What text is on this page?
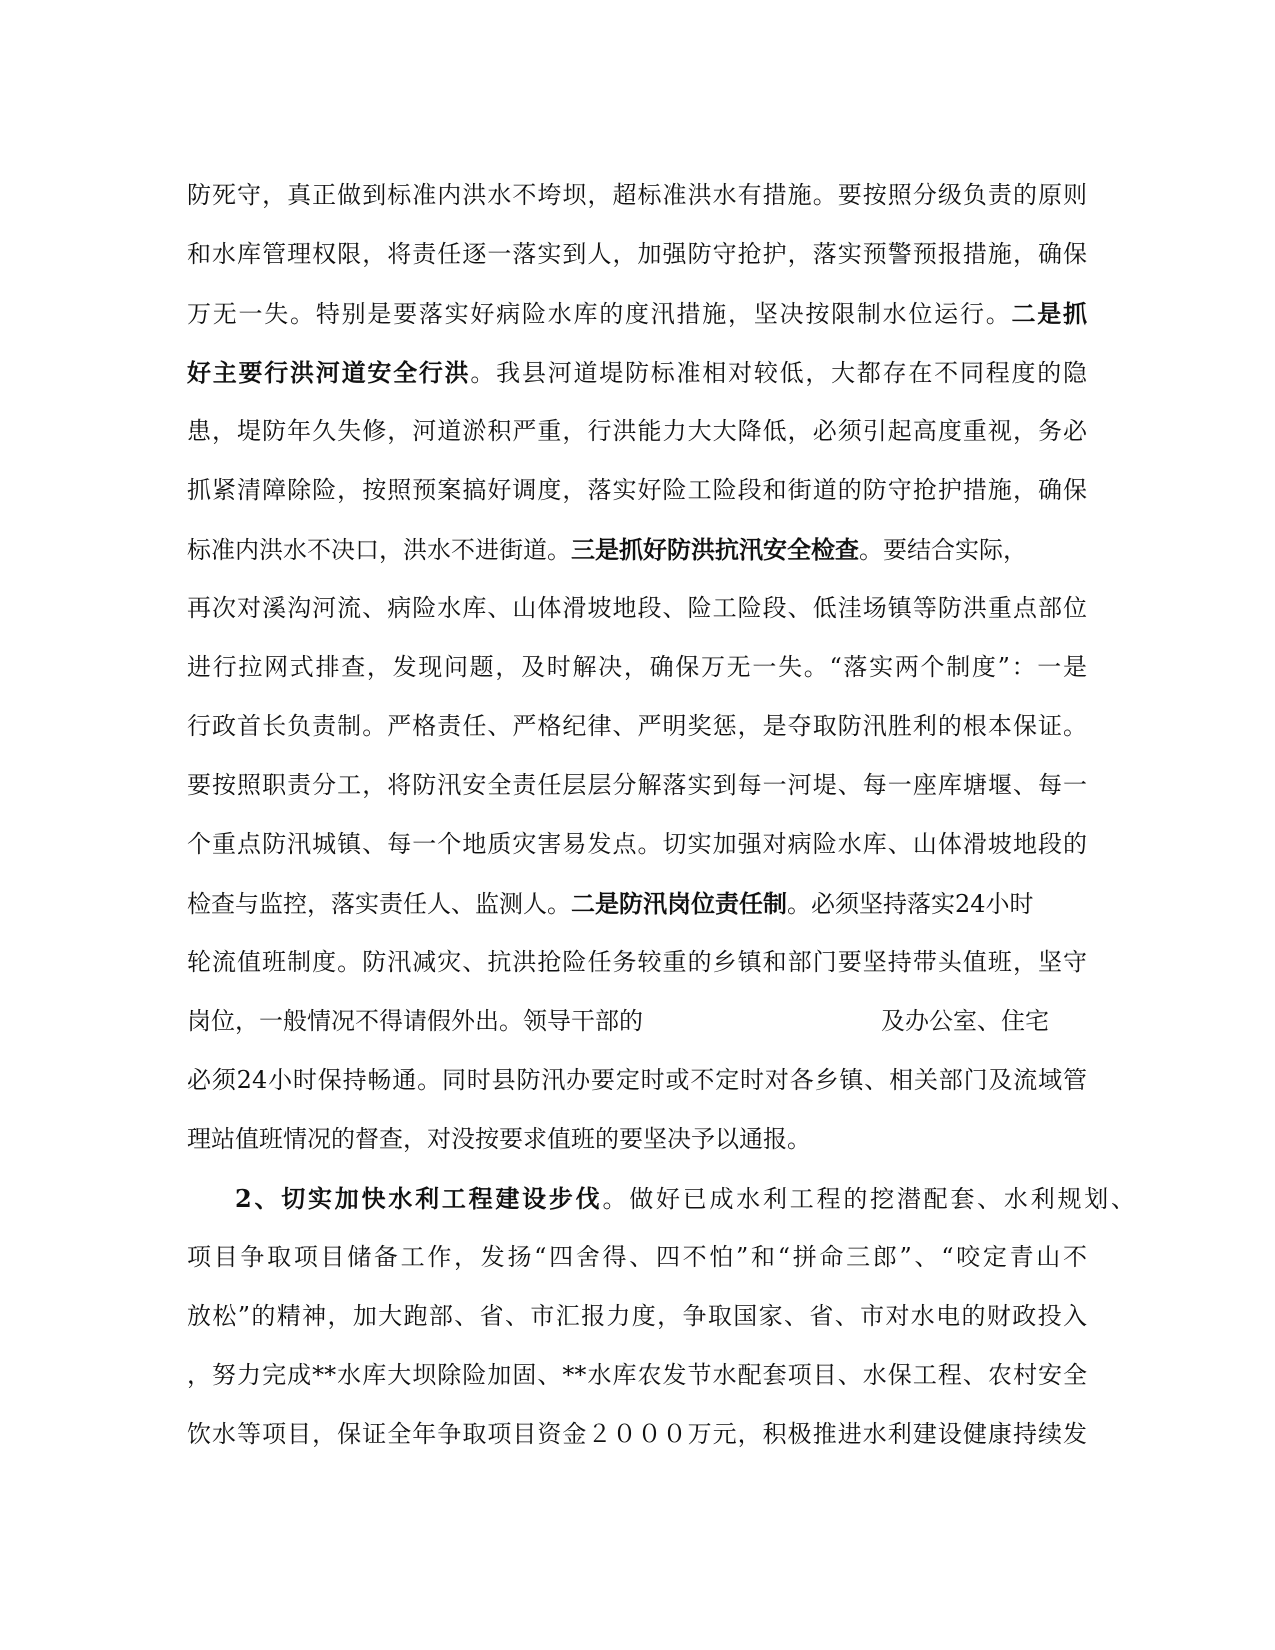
防死守，真正做到标准内洪水不垮坝，超标准洪水有措施。要按照分级负责的原则
和水库管理权限，将责任逐一落实到人，加强防守抢护，落实预警预报措施，确保
万无一失。特别是要落实好病险水库的度汛措施，坚决按限制水位运行。二是抓
好主要行洪河道安全行洪。我县河道堤防标准相对较低，大都存在不同程度的隐
患，堤防年久失修，河道淤积严重，行洪能力大大降低，必须引起高度重视，务必
抓紧清障除险，按照预案搞好调度，落实好险工险段和街道的防守抢护措施，确保
标准内洪水不决口，洪水不进街道。三是抓好防洪抗汛安全检查。要结合实际，
再次对溪沟河流、病险水库、山体滑坡地段、险工险段、低洼场镇等防洪重点部位
进行拉网式排查，发现问题，及时解决，确保万无一失。“落实两个制度”：一是
行政首长负责制。严格责任、严格纪律、严明奖惩，是夺取防汛胜利的根本保证。
要按照职责分工，将防汛安全责任层层分解落实到每一河堤、每一座库塘堰、每一
个重点防汛城镇、每一个地质灾害易发点。切实加强对病险水库、山体滑坡地段的
检查与监控，落实责任人、监测人。二是防汛岗位责任制。必须坚持落实24小时
轮流值班制度。防汛减灾、抗洪抢险任务较重的乡镇和部门要坚持带头值班，坚守
岗位，一般情况不得请假外出。领导干部的	及办公室、住宅
必须24小时保持畅通。同时县防汛办要定时或不定时对各乡镇、相关部门及流域管
理站值班情况的督查，对没按要求值班的要坚决予以通报。
2、切实加快水利工程建设步伐。做好已成水利工程的挖潜配套、水利规划、
项目争取项目储备工作，发扬“四舍得、四不怕”和“拼命三郎”、“咬定青山不
放松”的精神，加大跑部、省、市汇报力度，争取国家、省、市对水电的财政投入
，努力完成**水库大坝除险加固、**水库农发节水配套项目、水保工程、农村安全
饮水等项目，保证全年争取项目资金２０００万元，积极推进水利建设健康持续发
